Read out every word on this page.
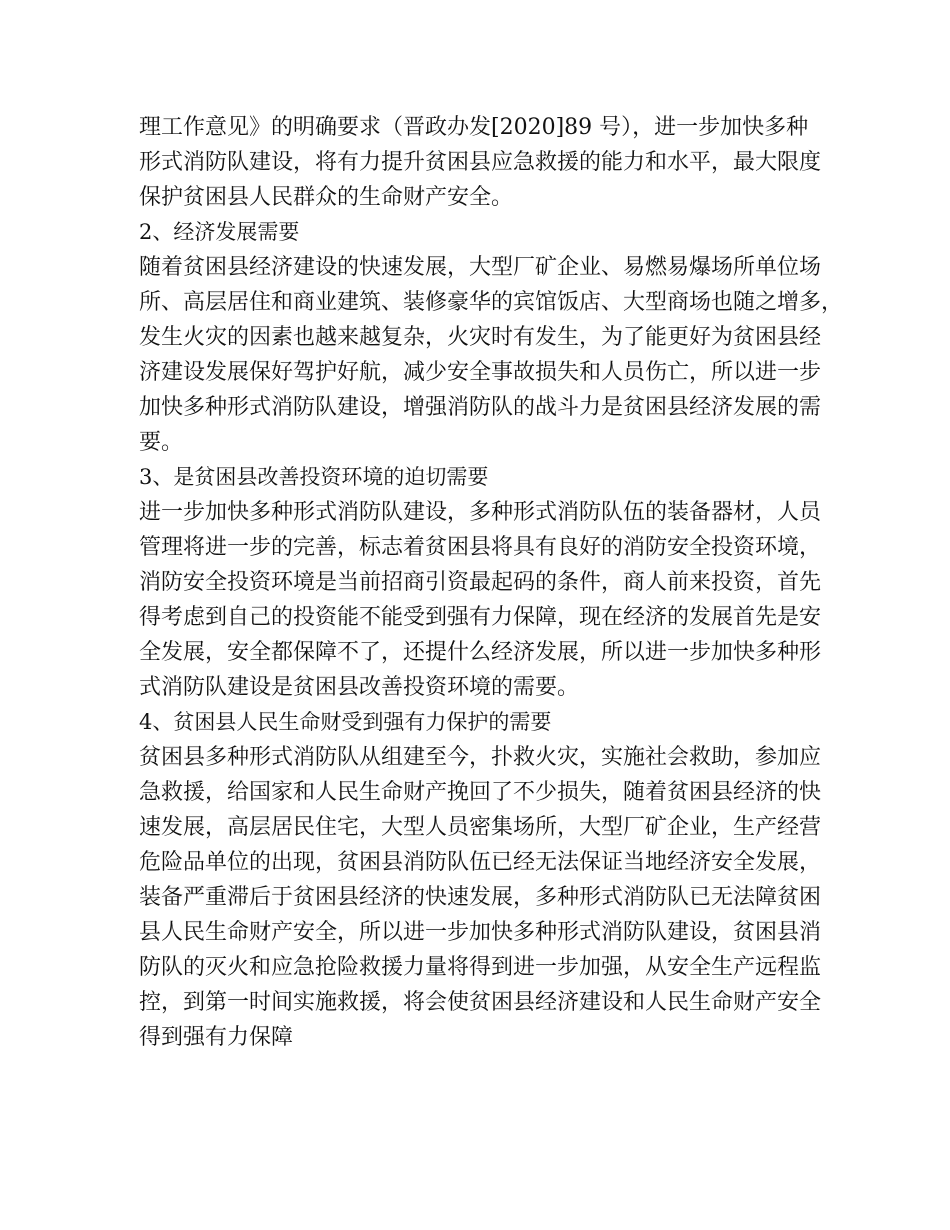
理工作意见》的明确要求（晋政办发[2020]89 号），进一步加快多种
形式消防队建设，将有力提升贫困县应急救援的能力和水平，最大限度
保护贫困县人民群众的生命财产安全。
2、经济发展需要
随着贫困县经济建设的快速发展，大型厂矿企业、易燃易爆场所单位场
所、高层居住和商业建筑、装修豪华的宾馆饭店、大型商场也随之增多，
发生火灾的因素也越来越复杂，火灾时有发生，为了能更好为贫困县经
济建设发展保好驾护好航，减少安全事故损失和人员伤亡，所以进一步
加快多种形式消防队建设，增强消防队的战斗力是贫困县经济发展的需
要。
3、是贫困县改善投资环境的迫切需要
进一步加快多种形式消防队建设，多种形式消防队伍的装备器材，人员
管理将进一步的完善，标志着贫困县将具有良好的消防安全投资环境，
消防安全投资环境是当前招商引资最起码的条件，商人前来投资，首先
得考虑到自己的投资能不能受到强有力保障，现在经济的发展首先是安
全发展，安全都保障不了，还提什么经济发展，所以进一步加快多种形
式消防队建设是贫困县改善投资环境的需要。
4、贫困县人民生命财受到强有力保护的需要
贫困县多种形式消防队从组建至今，扑救火灾，实施社会救助，参加应
急救援，给国家和人民生命财产挽回了不少损失，随着贫困县经济的快
速发展，高层居民住宅，大型人员密集场所，大型厂矿企业，生产经营
危险品单位的出现，贫困县消防队伍已经无法保证当地经济安全发展，
装备严重滞后于贫困县经济的快速发展，多种形式消防队已无法障贫困
县人民生命财产安全，所以进一步加快多种形式消防队建设，贫困县消
防队的灭火和应急抢险救援力量将得到进一步加强，从安全生产远程监
控，到第一时间实施救援，将会使贫困县经济建设和人民生命财产安全
得到强有力保障
